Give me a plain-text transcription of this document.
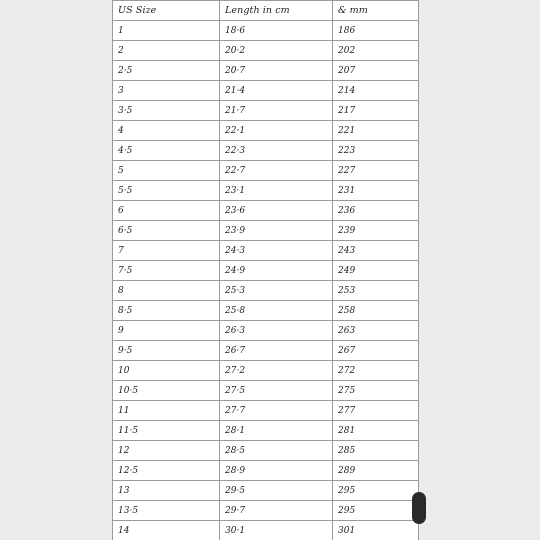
US Size	Length in cm	& mm
1	18·6	186
2	20·2	202
2·5	20·7	207
3	21·4	214
3·5	21·7	217
4	22·1	221
4·5	22·3	223
5	22·7	227
5·5	23·1	231
6	23·6	236
6·5	23·9	239
7	24·3	243
7·5	24·9	249
8	25·3	253
8·5	25·8	258
9	26·3	263
9·5	26·7	267
10	27·2	272
10·5	27·5	275
11	27·7	277
11·5	28·1	281
12	28·5	285
12·5	28·9	289
13	29·5	295
13·5	29·7	295
14	30·1	301
